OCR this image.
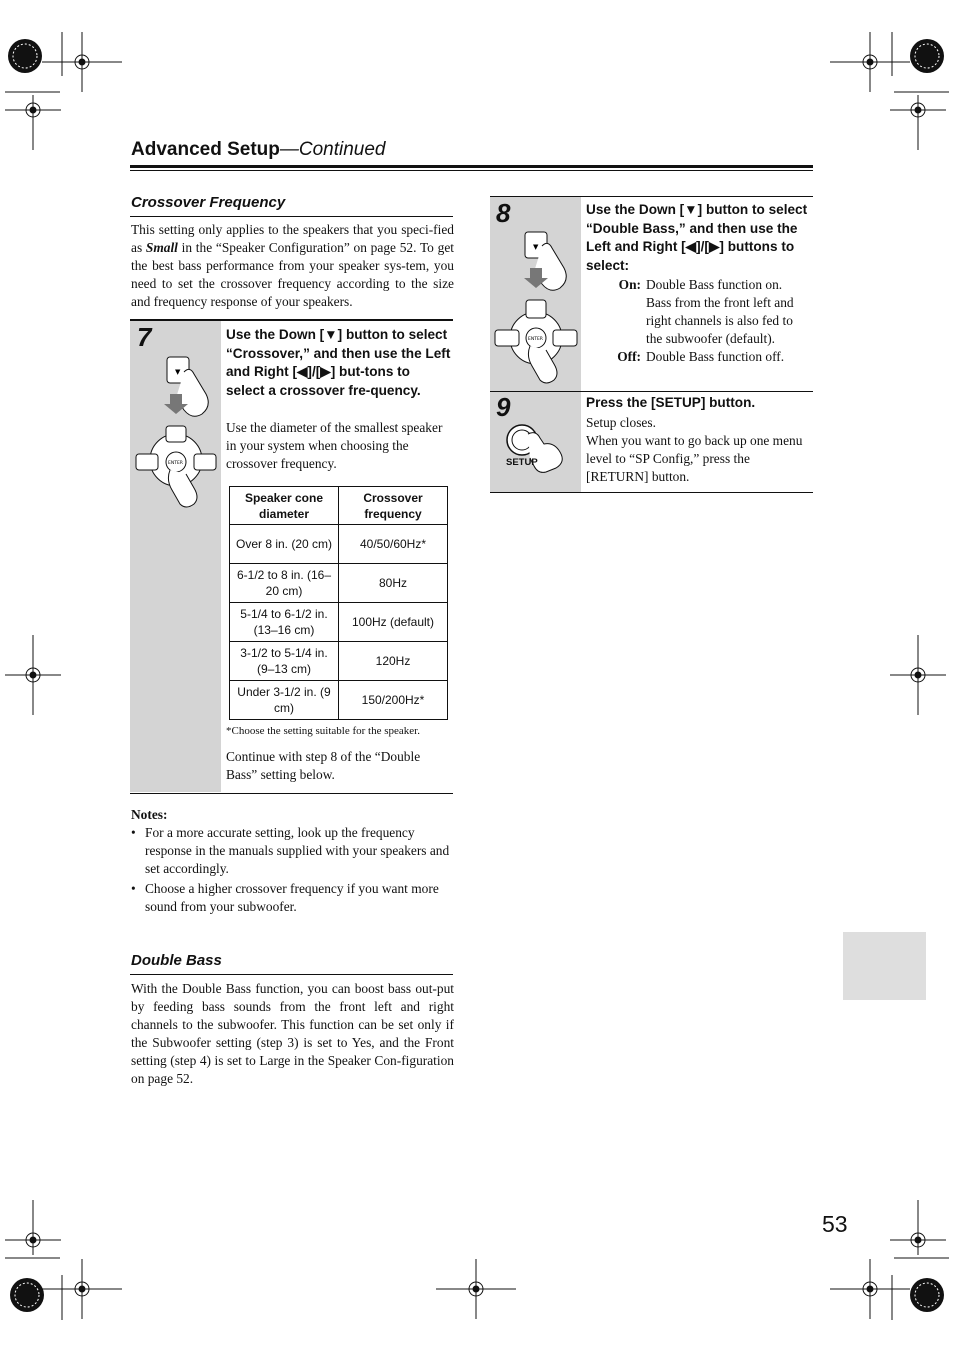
Advanced Setup—Continued
Crossover Frequency
This setting only applies to the speakers that you speci-fied as Small in the “Speaker Configuration” on page 52. To get the best bass performance from your speaker sys-tem, you need to set the crossover frequency according to the size and frequency response of your speakers.
7
▼
ENTER
Use the Down [▼] button to select “Crossover,” and then use the Left and Right [◀]/[▶] but-tons to select a crossover fre-quency.
Use the diameter of the smallest speaker in your system when choosing the crossover frequency.
Speaker cone diameter	Crossover frequency
Over 8 in. (20 cm)	40/50/60Hz*
6-1/2 to 8 in. (16–20 cm)	80Hz
5-1/4 to 6-1/2 in. (13–16 cm)	100Hz (default)
3-1/2 to 5-1/4 in. (9–13 cm)	120Hz
Under 3-1/2 in. (9 cm)	150/200Hz*
*Choose the setting suitable for the speaker.
Continue with step 8 of the “Double Bass” setting below.
Notes:
• For a more accurate setting, look up the frequency response in the manuals supplied with your speakers and set accordingly.
• Choose a higher crossover frequency if you want more sound from your subwoofer.
Double Bass
With the Double Bass function, you can boost bass out-put by feeding bass sounds from the front left and right channels to the subwoofer. This function can be set only if the Subwoofer setting (step 3) is set to Yes, and the Front setting (step 4) is set to Large in the Speaker Con-figuration on page 52.
8
▼
ENTER
Use the Down [▼] button to select “Double Bass,” and then use the Left and Right [◀]/[▶] buttons to select:
On: Double Bass function on. Bass from the front left and right channels is also fed to the subwoofer (default).
Off: Double Bass function off.
9
SETUP
Press the [SETUP] button.
Setup closes.
When you want to go back up one menu level to “SP Config,” press the [RETURN] button.
53
